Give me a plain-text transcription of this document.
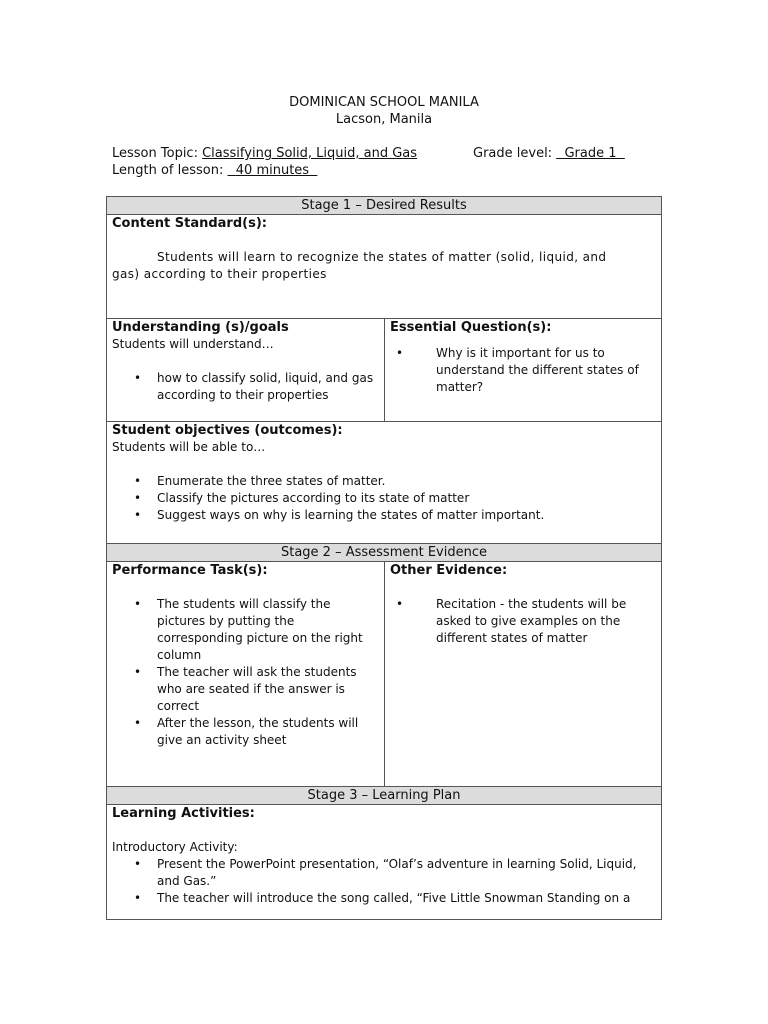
DOMINICAN SCHOOL MANILA
Lacson, Manila
Lesson Topic: Classifying Solid, Liquid, and Gas	Grade level: Grade 1
Length of lesson: 40 minutes
Stage 1 – Desired Results
Content Standard(s):
Students will learn to recognize the states of matter (solid, liquid, and
gas) according to their properties
Understanding (s)/goals
Students will understand…
• how to classify solid, liquid, and gas according to their properties
Essential Question(s):
•	Why is it important for us to understand the different states of matter?
Student objectives (outcomes):
Students will be able to…
• Enumerate the three states of matter.
• Classify the pictures according to its state of matter
• Suggest ways on why is learning the states of matter important.
Stage 2 – Assessment Evidence
Performance Task(s):
• The students will classify the pictures by putting the corresponding picture on the right column
• The teacher will ask the students who are seated if the answer is correct
• After the lesson, the students will give an activity sheet
Other Evidence:
•	Recitation - the students will be asked to give examples on the different states of matter
Stage 3 – Learning Plan
Learning Activities:
Introductory Activity:
• Present the PowerPoint presentation, “Olaf’s adventure in learning Solid, Liquid, and Gas.”
• The teacher will introduce the song called, “Five Little Snowman Standing on a
